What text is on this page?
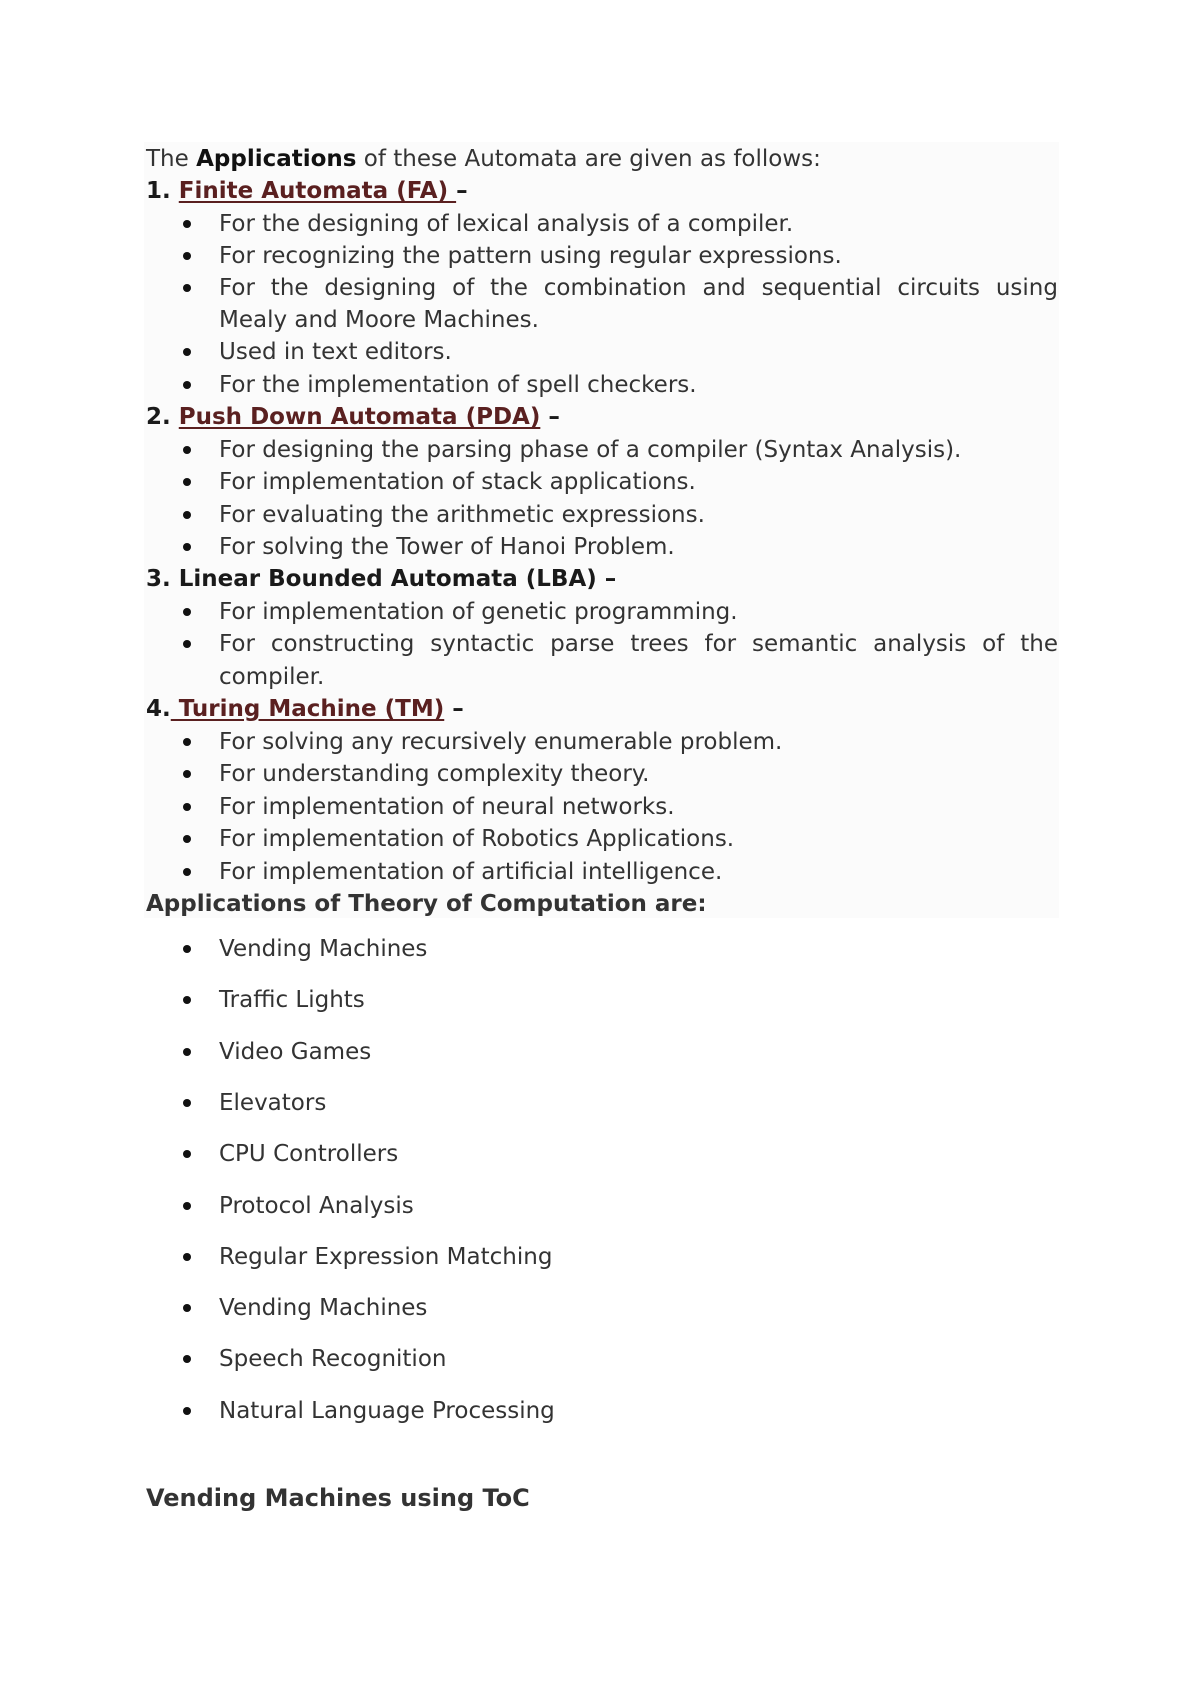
The Applications of these Automata are given as follows:
1. Finite Automata (FA) –
For the designing of lexical analysis of a compiler.
For recognizing the pattern using regular expressions.
For the designing of the combination and sequential circuits using
Mealy and Moore Machines.
Used in text editors.
For the implementation of spell checkers.
2. Push Down Automata (PDA) –
For designing the parsing phase of a compiler (Syntax Analysis).
For implementation of stack applications.
For evaluating the arithmetic expressions.
For solving the Tower of Hanoi Problem.
3. Linear Bounded Automata (LBA) –
For implementation of genetic programming.
For constructing syntactic parse trees for semantic analysis of the
compiler.
4. Turing Machine (TM) –
For solving any recursively enumerable problem.
For understanding complexity theory.
For implementation of neural networks.
For implementation of Robotics Applications.
For implementation of artificial intelligence.
Applications of Theory of Computation are:
Vending Machines
Traffic Lights
Video Games
Elevators
CPU Controllers
Protocol Analysis
Regular Expression Matching
Vending Machines
Speech Recognition
Natural Language Processing
Vending Machines using ToC
